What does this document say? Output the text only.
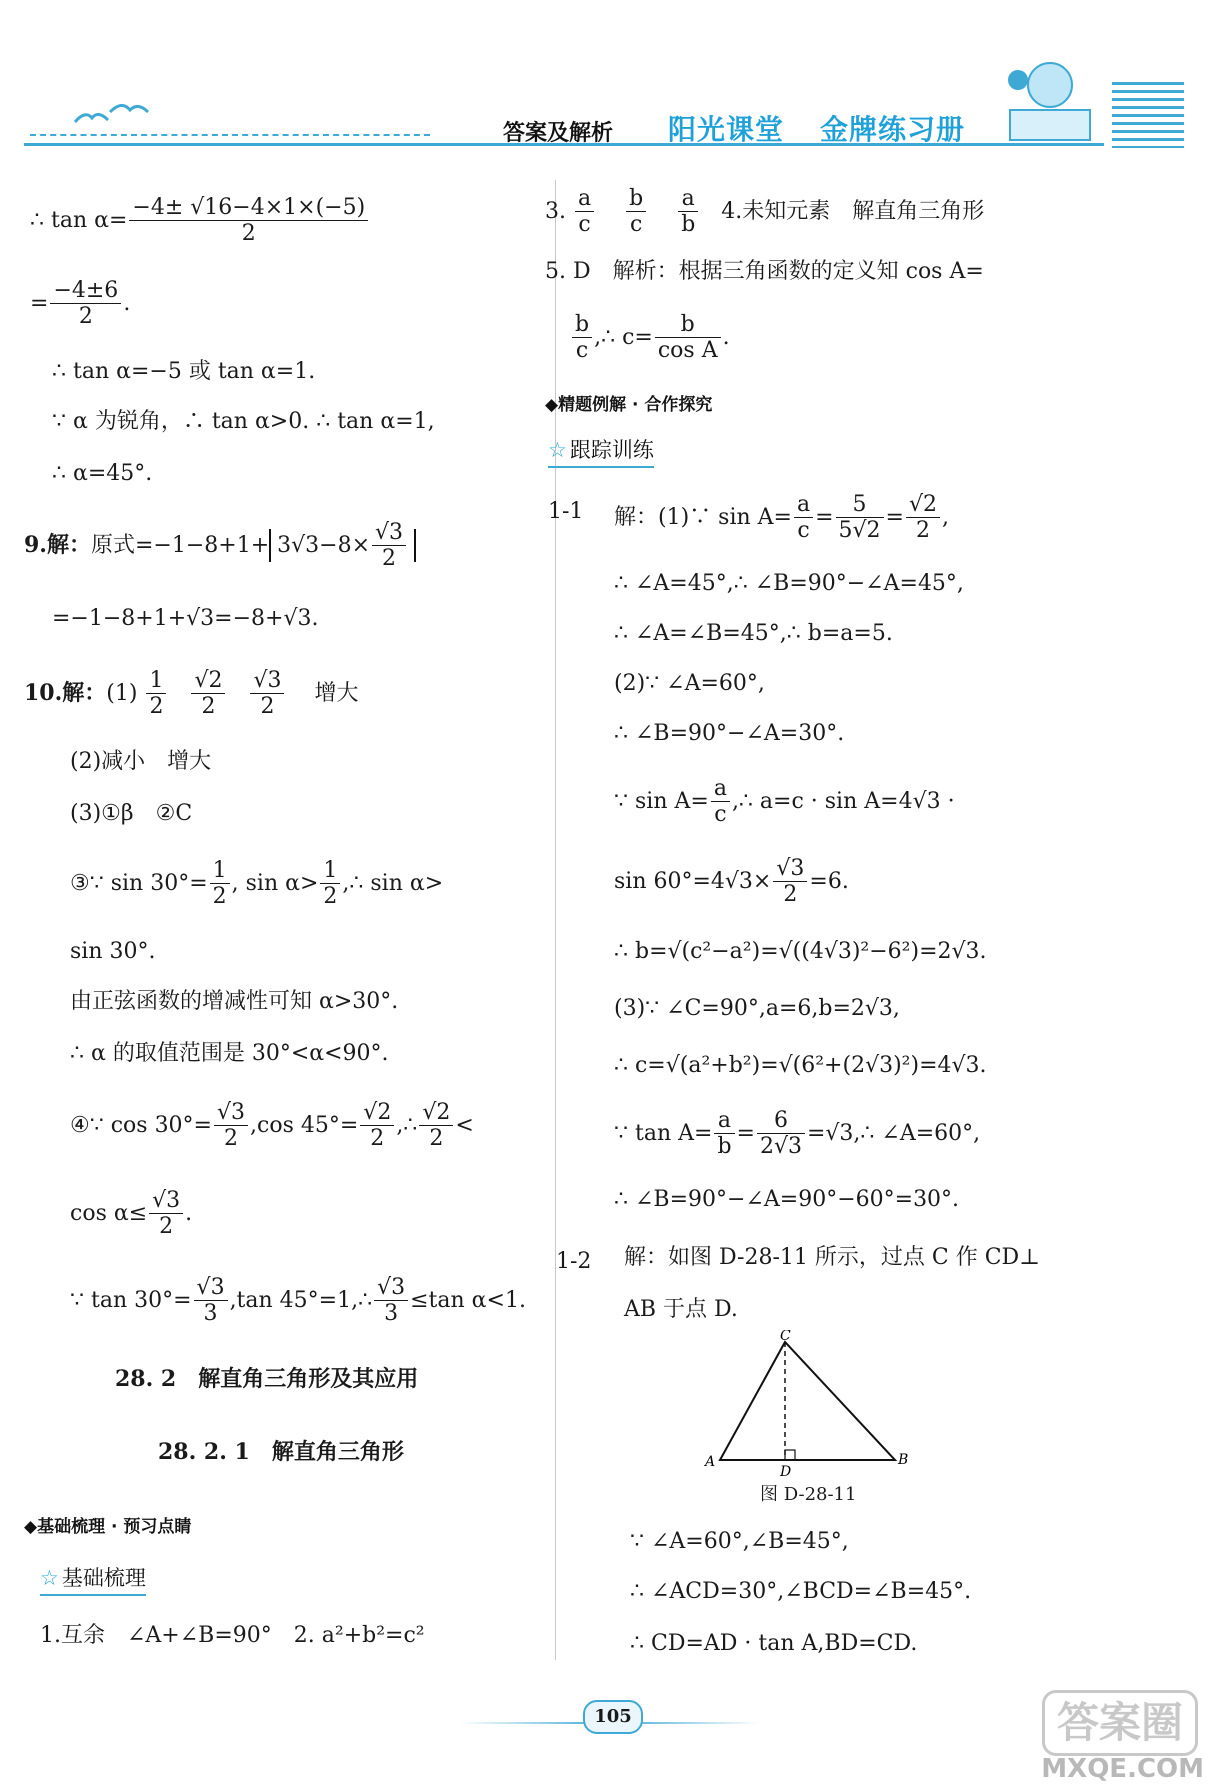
答案及解析 阳光课堂 金牌练习册
∴ $\tan \alpha= \frac{-4\pm √16-4\times 1\times(-5)}{2}$
= $\frac{-4\pm 6}{2}$ .
∴ tan α=−5 或 tan α=1.
∵ α 为锐角，∴ tan α>0. ∴ tan α=1,
∴ α=45°.
9.解：原式$=-1-8+1+ 3√3-8\times \frac{√3}{2}$
=−1−8+1+√3=−8+√3.
10.解：$(1) \frac{1}{2}$
$\frac{√2}{2}$
$\frac{√3}{2}$ 增大
(2)减小　增大
(3)①β　②C
③∵ $\sin 30^\circ= \frac{1}{2}$ , $\sin \alpha> \frac{1}{2}$ ,∴ sin α>
sin 30°.
由正弦函数的增减性可知 α>30°.
∴ α 的取值范围是 30°<α<90°.
④∵ $\cos 30^\circ= \frac{√3}{2} ,\cos$ $45^\circ= \frac{√2}{2}$ ,∴ $\frac{√2}{2}$ <
$\cos \alpha\le \frac{√3}{2}$ .
∵ $\tan 30^\circ= \frac{√3}{3} ,\tan$ 45°=1,∴ $\frac{√3}{3} \le\tan$ α<1.
28. 2　解直角三角形及其应用
28. 2. 1　解直角三角形
◆基础梳理 · 预习点睛
☆ 基础梳理
1.互余　∠A+∠B=90°　2. a²+b²=c²
3. $\frac{a}{c}$
$\frac{b}{c}$
$\frac{a}{b} 4$.未知元素　解直角三角形
5. D　解析：根据三角函数的定义知 cos A=
$\frac{b}{c}$ ,∴ $c= \frac{b}{\text{cos A}}$ .
◆精题例解 · 合作探究
☆ 跟踪训练
1-1 解：(1)∵ $\sin A= \frac{a}{c} = \frac{5}{5√2} = \frac{√2}{2}$ ,
∴ ∠A=45°,∴ ∠B=90°−∠A=45°,
∴ ∠A=∠B=45°,∴ b=a=5.
(2)∵ ∠A=60°,
∴ ∠B=90°−∠A=30°.
∵ $\sin A= \frac{a}{c}$ ,∴ a=c · sin A=4√3 ·
$\sin 60^\circ=4√3\times \frac{√3}{2} =6$.
∴ b=√(c²−a²)=√((4√3)²−6²)=2√3.
(3)∵ ∠C=90°,a=6,b=2√3,
∴ c=√(a²+b²)=√(6²+(2√3)²)=4√3.
∵ $\tan A= \frac{a}{b} = \frac{6}{2√3}$ =√3,∴ ∠A=60°,
∴ ∠B=90°−∠A=90°−60°=30°.
1-2 解：如图 D-28-11 所示，过点 C 作 CD⊥
AB 于点 D.
C
A	B
D
图 D-28-11
∵ ∠A=60°,∠B=45°,
∴ ∠ACD=30°,∠BCD=∠B=45°.
∴ CD=AD · tan A,BD=CD.
105	答案圈
MXQE.COM
